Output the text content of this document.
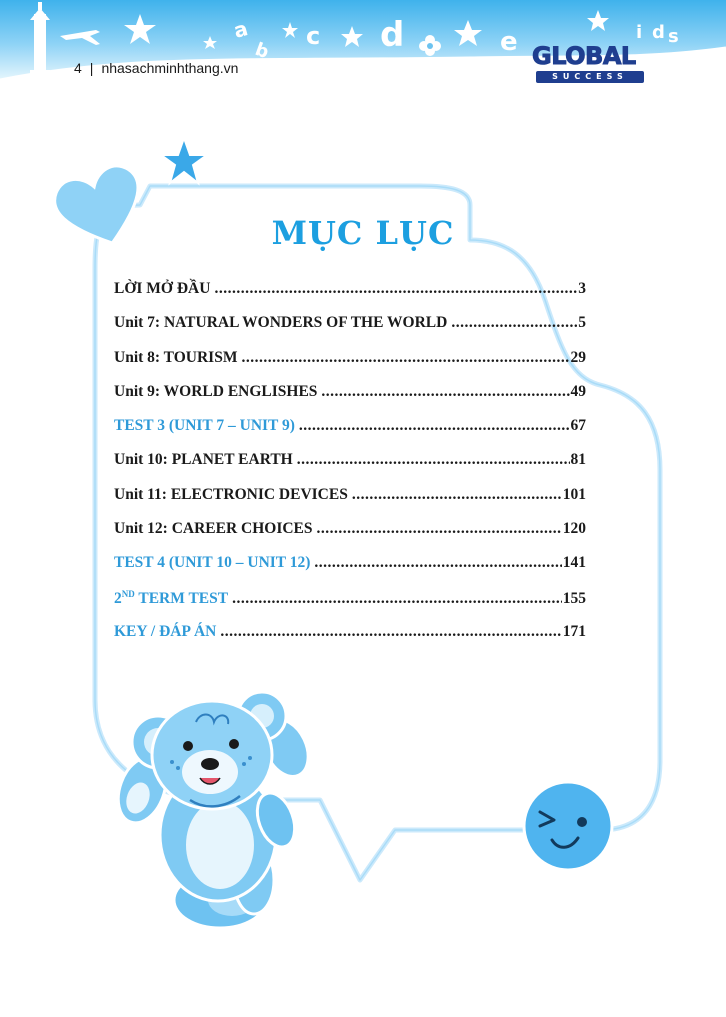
a
b
c d	e	i d s
4 | nhasachminhthang.vn	GLOBAL
SUCCESS
MỤC LỤC
LỜI MỞ ĐẦU .....	3
Unit 7: NATURAL WONDERS OF THE WORLD .....	5
Unit 8: TOURISM .....	29
Unit 9: WORLD ENGLISHES .....	49
TEST 3 (UNIT 7 – UNIT 9) .....	67
Unit 10: PLANET EARTH .....	81
Unit 11: ELECTRONIC DEVICES .....	101
Unit 12: CAREER CHOICES .....	120
TEST 4 (UNIT 10 – UNIT 12) .....	141
2ND TERM TEST .....	155
KEY / ĐÁP ÁN .....	171
